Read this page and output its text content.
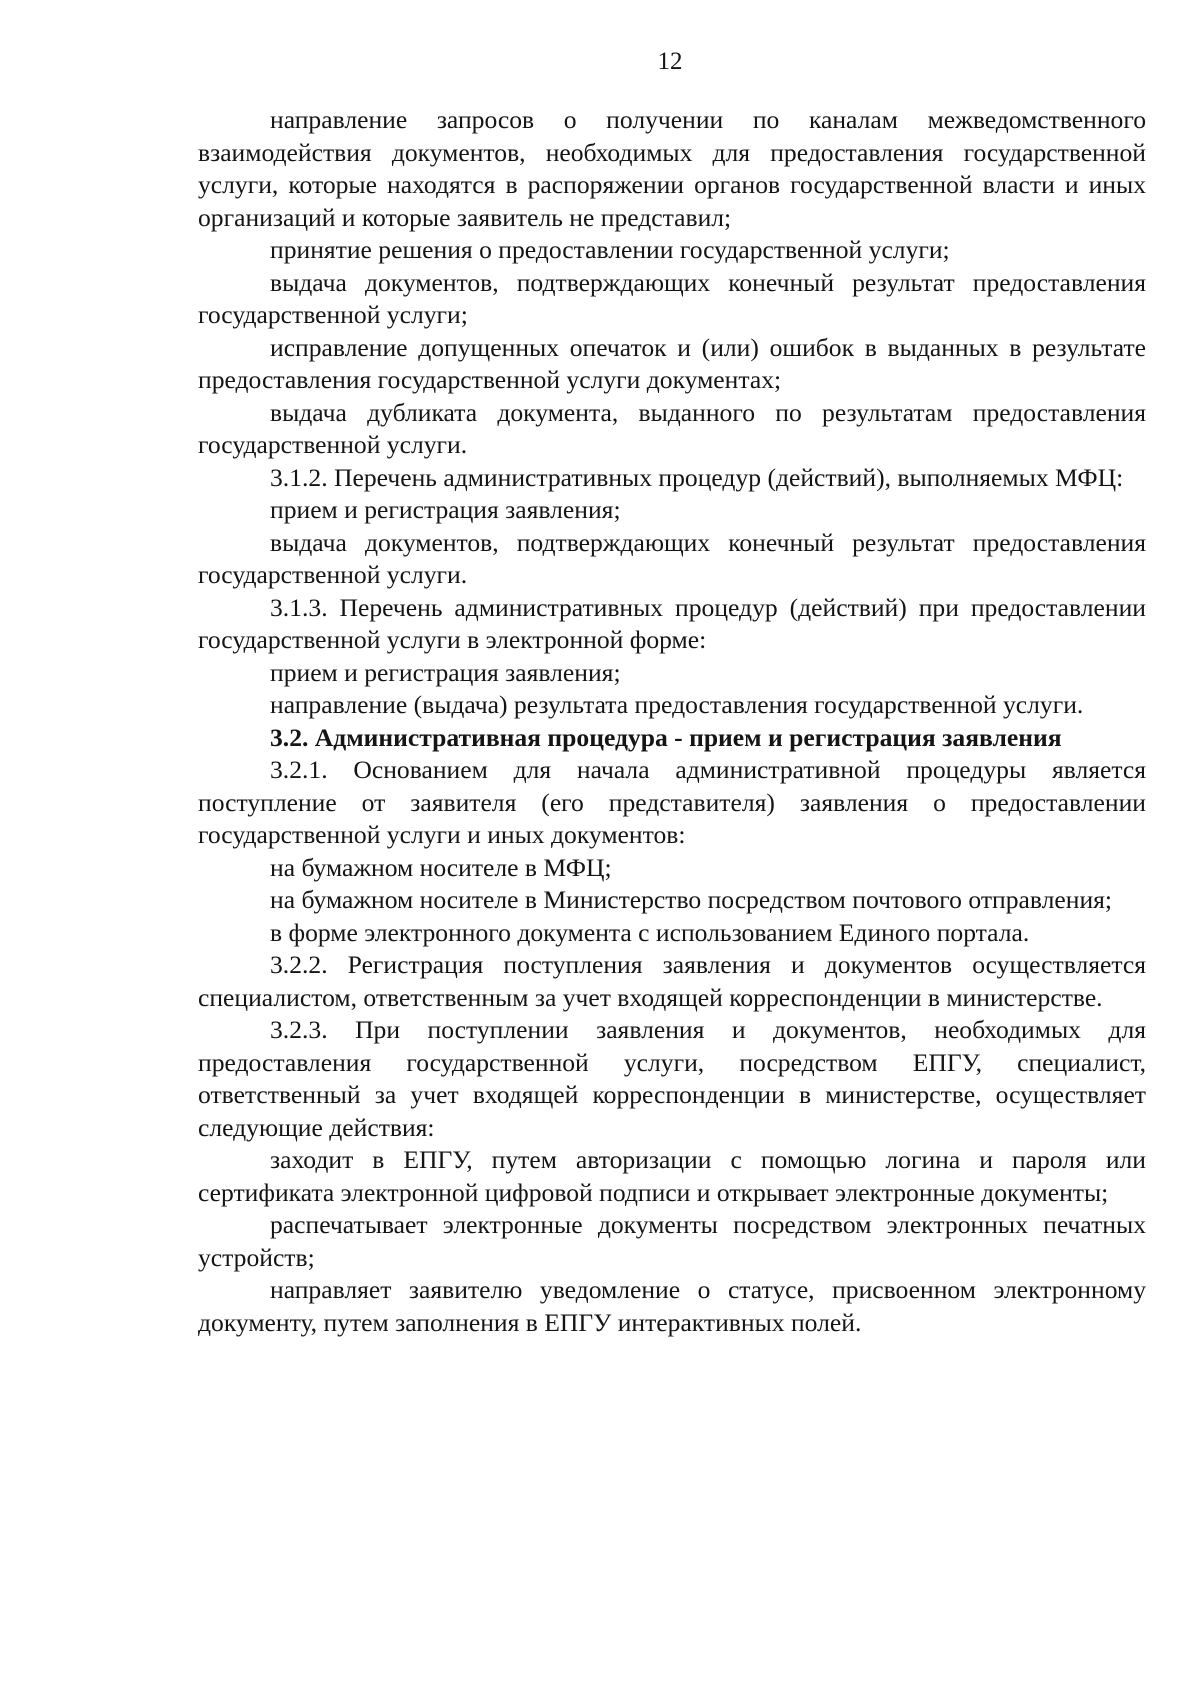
12

направление запросов о получении по каналам межведомственного взаимодействия документов, необходимых для предоставления государственной услуги, которые находятся в распоряжении органов государственной власти и иных организаций и которые заявитель не представил;

принятие решения о предоставлении государственной услуги;

выдача документов, подтверждающих конечный результат предоставления государственной услуги;

исправление допущенных опечаток и (или) ошибок в выданных в результате предоставления государственной услуги документах;

выдача дубликата документа, выданного по результатам предоставления государственной услуги.

3.1.2. Перечень административных процедур (действий), выполняемых МФЦ:

прием и регистрация заявления;

выдача документов, подтверждающих конечный результат предоставления государственной услуги.

3.1.3. Перечень административных процедур (действий) при предоставлении государственной услуги в электронной форме:

прием и регистрация заявления;

направление (выдача) результата предоставления государственной услуги.

3.2. Административная процедура - прием и регистрация заявления

3.2.1. Основанием для начала административной процедуры является поступление от заявителя (его представителя) заявления о предоставлении государственной услуги и иных документов:

на бумажном носителе в МФЦ;

на бумажном носителе в Министерство посредством почтового отправления;

в форме электронного документа с использованием Единого портала.

3.2.2. Регистрация поступления заявления и документов осуществляется специалистом, ответственным за учет входящей корреспонденции в министерстве.

3.2.3. При поступлении заявления и документов, необходимых для предоставления государственной услуги, посредством ЕПГУ, специалист, ответственный за учет входящей корреспонденции в министерстве, осуществляет следующие действия:

заходит в ЕПГУ, путем авторизации с помощью логина и пароля или сертификата электронной цифровой подписи и открывает электронные документы;

распечатывает электронные документы посредством электронных печатных устройств;

направляет заявителю уведомление о статусе, присвоенном электронному документу, путем заполнения в ЕПГУ интерактивных полей.
